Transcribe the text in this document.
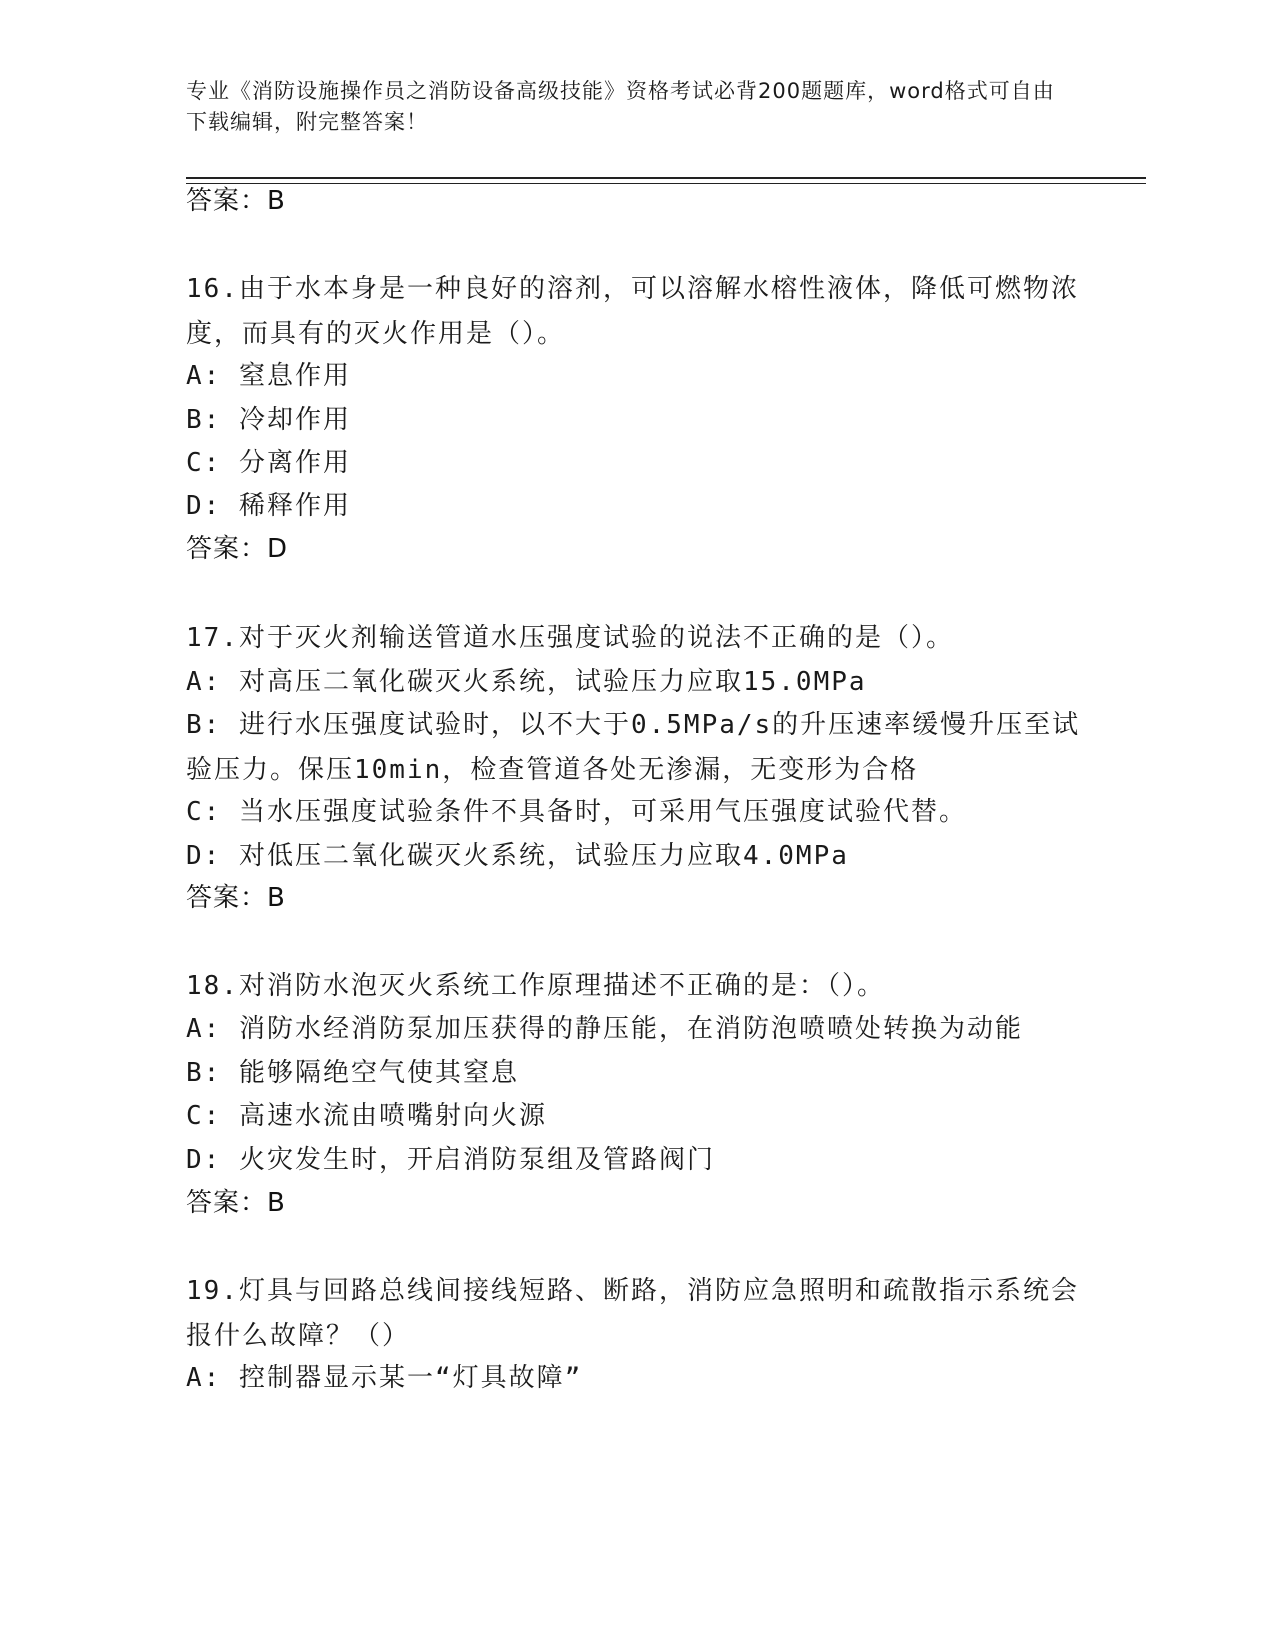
专业《消防设施操作员之消防设备高级技能》资格考试必背200题题库，word格式可自由下载编辑，附完整答案！
答案：B
16.由于水本身是一种良好的溶剂，可以溶解水榕性液体，降低可燃物浓度，而具有的灭火作用是（）。
A: 窒息作用
B: 冷却作用
C: 分离作用
D: 稀释作用
答案：D
17.对于灭火剂输送管道水压强度试验的说法不正确的是（）。
A: 对高压二氧化碳灭火系统，试验压力应取15.0MPa
B: 进行水压强度试验时，以不大于0.5MPa/s的升压速率缓慢升压至试验压力。保压10min，检查管道各处无渗漏，无变形为合格
C: 当水压强度试验条件不具备时，可采用气压强度试验代替。
D: 对低压二氧化碳灭火系统，试验压力应取4.0MPa
答案：B
18.对消防水泡灭火系统工作原理描述不正确的是：（）。
A: 消防水经消防泵加压获得的静压能，在消防泡喷喷处转换为动能
B: 能够隔绝空气使其窒息
C: 高速水流由喷嘴射向火源
D: 火灾发生时，开启消防泵组及管路阀门
答案：B
19.灯具与回路总线间接线短路、断路，消防应急照明和疏散指示系统会报什么故障？（）
A: 控制器显示某一“灯具故障”
